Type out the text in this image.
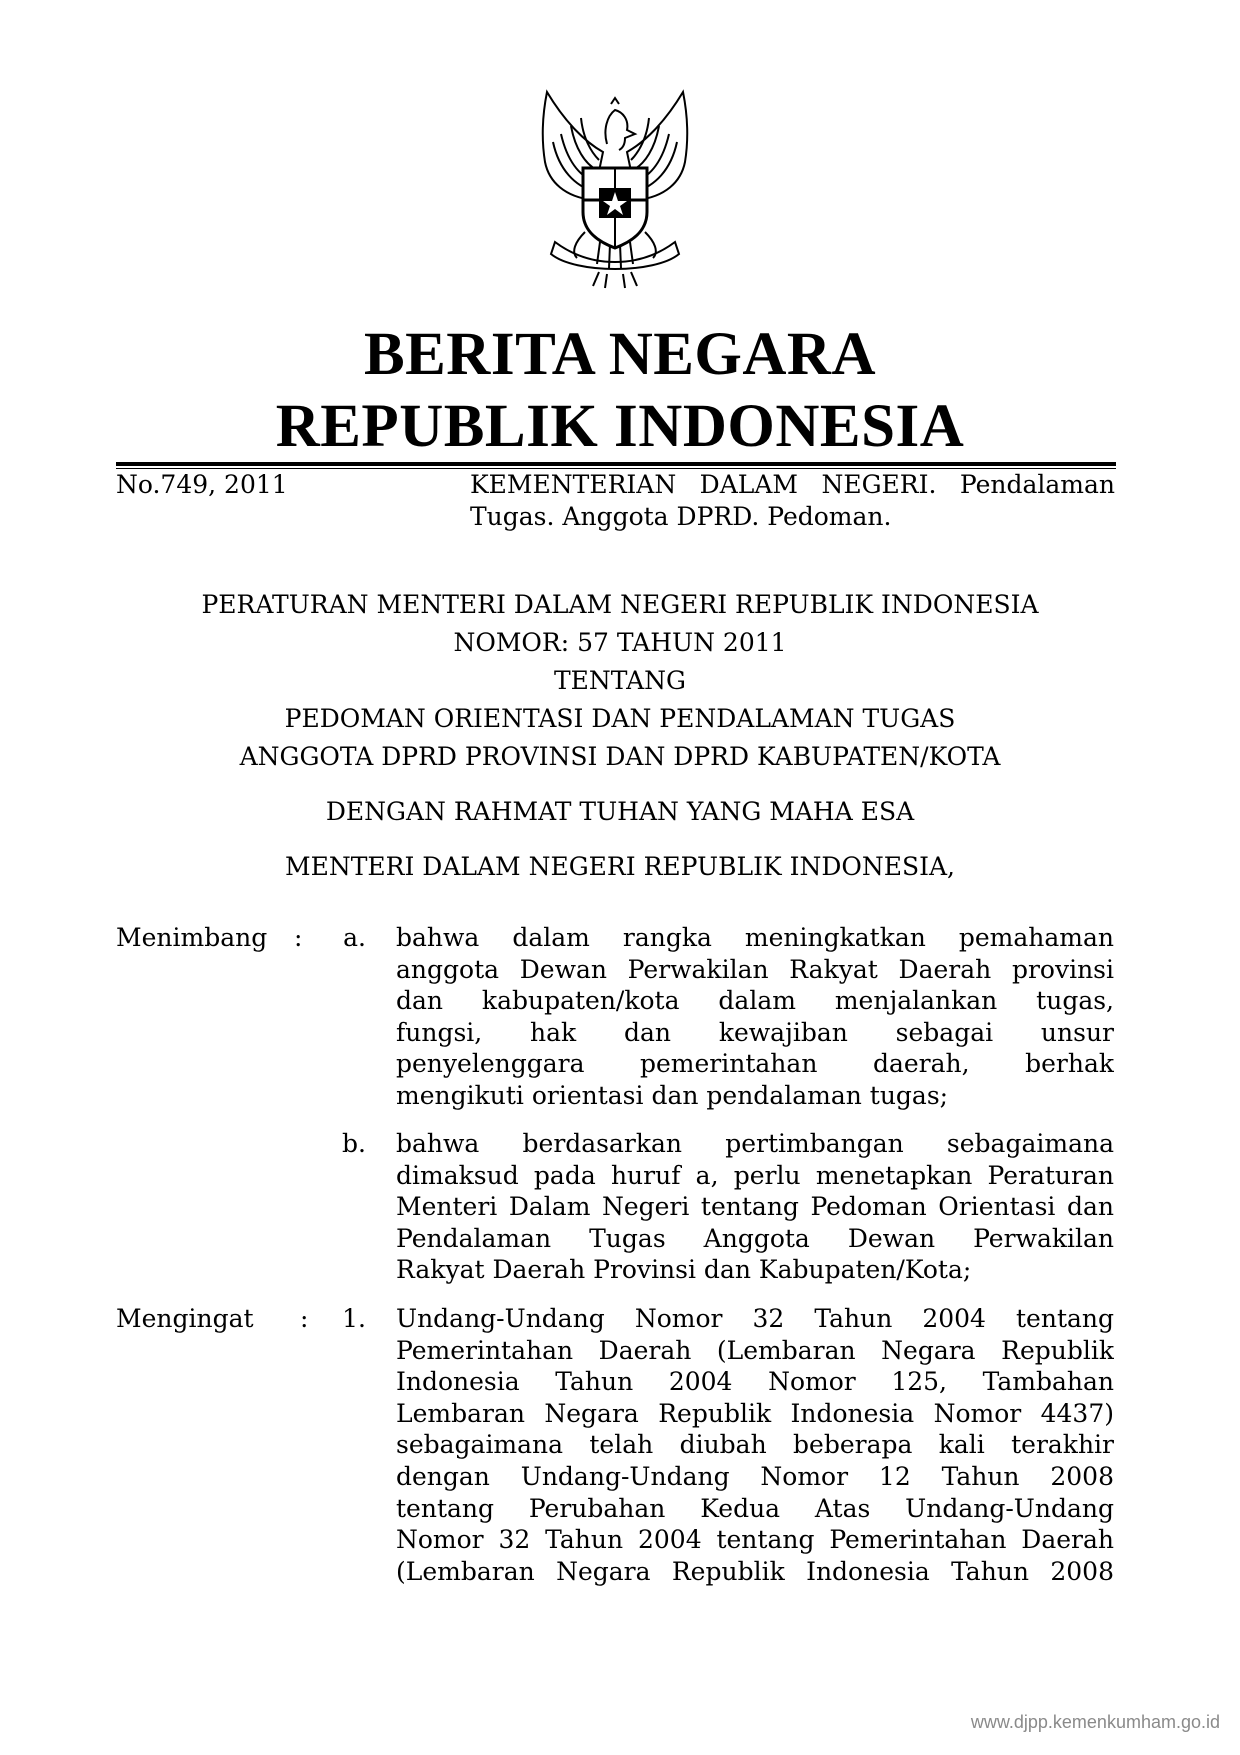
BERITA NEGARA
REPUBLIK INDONESIA
No.749, 2011	KEMENTERIAN DALAM NEGERI. Pendalaman
Tugas. Anggota DPRD. Pedoman.
PERATURAN MENTERI DALAM NEGERI REPUBLIK INDONESIA
NOMOR: 57 TAHUN 2011
TENTANG
PEDOMAN ORIENTASI DAN PENDALAMAN TUGAS
ANGGOTA DPRD PROVINSI DAN DPRD KABUPATEN/KOTA
DENGAN RAHMAT TUHAN YANG MAHA ESA
MENTERI DALAM NEGERI REPUBLIK INDONESIA,
Menimbang :	a. bahwa dalam rangka meningkatkan pemahaman
anggota Dewan Perwakilan Rakyat Daerah provinsi
dan kabupaten/kota dalam menjalankan tugas,
fungsi, hak dan kewajiban sebagai unsur
penyelenggara pemerintahan daerah, berhak
mengikuti orientasi dan pendalaman tugas;
b. bahwa berdasarkan pertimbangan sebagaimana
dimaksud pada huruf a, perlu menetapkan Peraturan
Menteri Dalam Negeri tentang Pedoman Orientasi dan
Pendalaman Tugas Anggota Dewan Perwakilan
Rakyat Daerah Provinsi dan Kabupaten/Kota;
Mengingat :	1. Undang-Undang Nomor 32 Tahun 2004 tentang
Pemerintahan Daerah (Lembaran Negara Republik
Indonesia Tahun 2004 Nomor 125, Tambahan
Lembaran Negara Republik Indonesia Nomor 4437)
sebagaimana telah diubah beberapa kali terakhir
dengan Undang-Undang Nomor 12 Tahun 2008
tentang Perubahan Kedua Atas Undang-Undang
Nomor 32 Tahun 2004 tentang Pemerintahan Daerah
(Lembaran Negara Republik Indonesia Tahun 2008
www.djpp.kemenkumham.go.id
